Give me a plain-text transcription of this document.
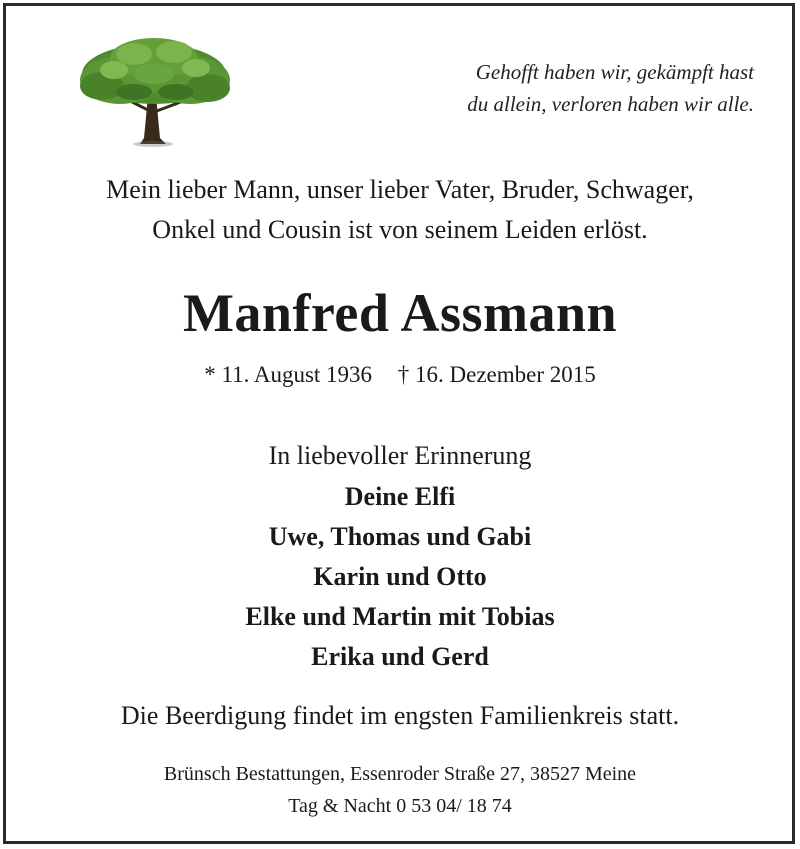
Gehofft haben wir, gekämpft hast
du allein, verloren haben wir alle.
Mein lieber Mann, unser lieber Vater, Bruder, Schwager,
Onkel und Cousin ist von seinem Leiden erlöst.
Manfred Assmann
* 11. August 1936 † 16. Dezember 2015
In liebevoller Erinnerung
Deine Elfi
Uwe, Thomas und Gabi
Karin und Otto
Elke und Martin mit Tobias
Erika und Gerd
Die Beerdigung findet im engsten Familienkreis statt.
Brünsch Bestattungen, Essenroder Straße 27, 38527 Meine
Tag & Nacht 0 53 04/ 18 74
